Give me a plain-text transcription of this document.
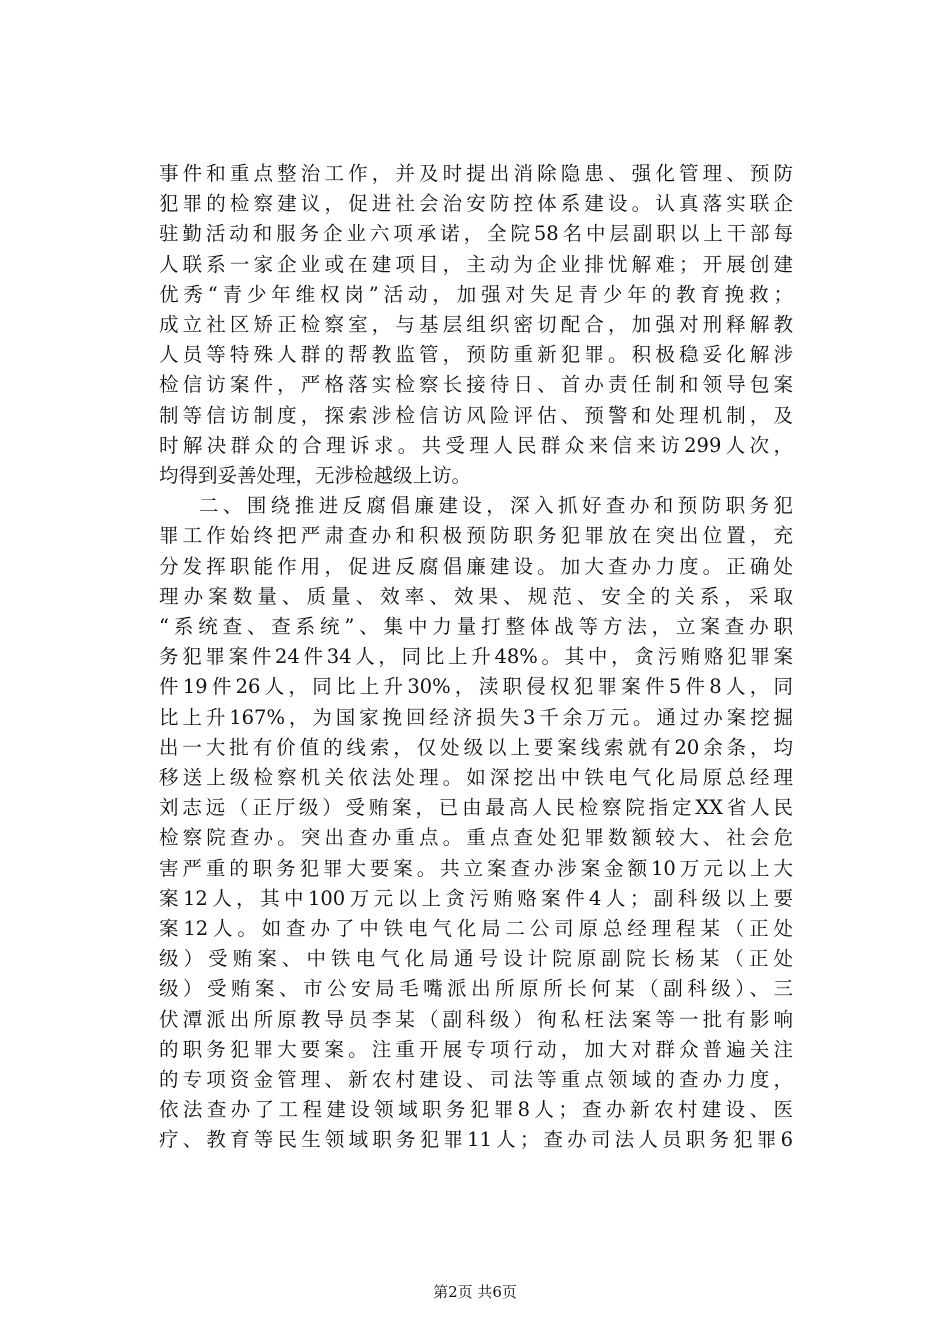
事件和重点整治工作，并及时提出消除隐患、强化管理、预防

犯罪的检察建议，促进社会治安防控体系建设。认真落实联企

驻勤活动和服务企业六项承诺，全院58名中层副职以上干部每

人联系一家企业或在建项目，主动为企业排忧解难；开展创建

优秀“青少年维权岗”活动，加强对失足青少年的教育挽救；

成立社区矫正检察室，与基层组织密切配合，加强对刑释解教

人员等特殊人群的帮教监管，预防重新犯罪。积极稳妥化解涉

检信访案件，严格落实检察长接待日、首办责任制和领导包案

制等信访制度，探索涉检信访风险评估、预警和处理机制，及

时解决群众的合理诉求。共受理人民群众来信来访299人次，

均得到妥善处理，无涉检越级上访。

二、围绕推进反腐倡廉建设，深入抓好查办和预防职务犯

罪工作始终把严肃查办和积极预防职务犯罪放在突出位置，充

分发挥职能作用，促进反腐倡廉建设。加大查办力度。正确处

理办案数量、质量、效率、效果、规范、安全的关系，采取

“系统查、查系统”、集中力量打整体战等方法，立案查办职

务犯罪案件24件34人，同比上升48%。其中，贪污贿赂犯罪案

件19件26人，同比上升30%，渎职侵权犯罪案件5件8人，同

比上升167%，为国家挽回经济损失3千余万元。通过办案挖掘

出一大批有价值的线索，仅处级以上要案线索就有20余条，均

移送上级检察机关依法处理。如深挖出中铁电气化局原总经理

刘志远（正厅级）受贿案，已由最高人民检察院指定XX省人民

检察院查办。突出查办重点。重点查处犯罪数额较大、社会危

害严重的职务犯罪大要案。共立案查办涉案金额10万元以上大

案12人，其中100万元以上贪污贿赂案件4人；副科级以上要

案12人。如查办了中铁电气化局二公司原总经理程某（正处

级）受贿案、中铁电气化局通号设计院原副院长杨某（正处

级）受贿案、市公安局毛嘴派出所原所长何某（副科级）、三

伏潭派出所原教导员李某（副科级）徇私枉法案等一批有影响

的职务犯罪大要案。注重开展专项行动，加大对群众普遍关注

的专项资金管理、新农村建设、司法等重点领域的查办力度，

依法查办了工程建设领域职务犯罪8人；查办新农村建设、医

疗、教育等民生领域职务犯罪11人；查办司法人员职务犯罪6

第2页 共6页
